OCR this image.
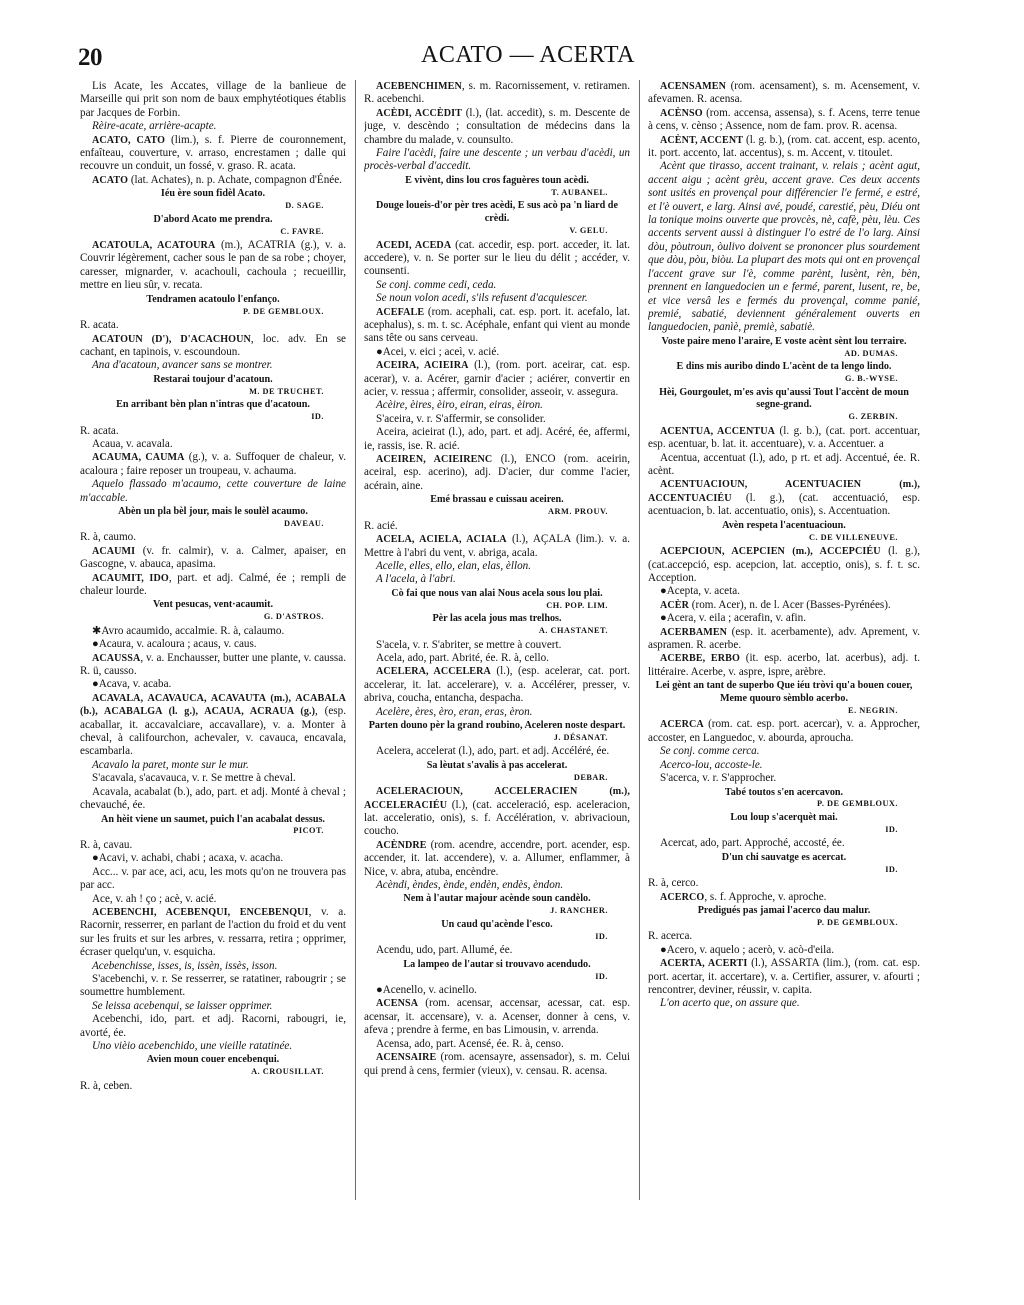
20	ACATO — ACERTA

Lis Acate, les Accates, village de la banlieue de Marseille qui prit son nom de baux emphytéotiques établis par Jacques de Forbin.

Rèire-acate, arrière-acapte.

ACATO, CATO (lim.), s. f. Pierre de couronnement, enfaîteau, couverture, v. arraso, encrestamen ; dalle qui recouvre un conduit, un fossé, v. graso. R. acata.

ACATO (lat. Achates), n. p. Achate, compagnon d'Énée.

Iéu ère soun fidèl Acato.

D. SAGE.

D'abord Acato me prendra.

C. FAVRE.

ACATOULA, ACATOURA (m.), ACATRIA (g.), v. a. Couvrir légèrement, cacher sous le pan de sa robe ; choyer, caresser, mignarder, v. acachouli, cachoula ; recueillir, mettre en lieu sûr, v. recata.

Tendramen acatoulo l'enfanço.

P. DE GEMBLOUX.

R. acata.

ACATOUN (D'), D'ACACHOUN, loc. adv. En se cachant, en tapinois, v. escoundoun.

Ana d'acatoun, avancer sans se montrer.

Restarai toujour d'acatoun.

M. DE TRUCHET.

En arribant bèn plan n'intras que d'acatoun.

ID.

R. acata.

Acaua, v. acavala.

ACAUMA, CAUMA (g.), v. a. Suffoquer de chaleur, v. acaloura ; faire reposer un troupeau, v. achauma.

Aquelo flassado m'acaumo, cette couverture de laine m'accable.

Abèn un pla bèl jour, mais le soulèl acaumo.

DAVEAU.

R. à, caumo.

ACAUMI (v. fr. calmir), v. a. Calmer, apaiser, en Gascogne, v. abauca, apasima.

ACAUMIT, IDO, part. et adj. Calmé, ée ; rempli de chaleur lourde.

Vent pesucas, vent·acaumit.

G. D'ASTROS.

✱Avro acaumido, accalmie. R. à, calaumo.

●Acaura, v. acaloura ; acaus, v. caus.

ACAUSSA, v. a. Enchausser, butter une plante, v. caussa. R. ü, causso.

●Acava, v. acaba.

ACAVALA, ACAVAUCA, ACAVAUTA (m.), ACABALA (b.), ACABALGA (l. g.), ACAUA, ACRAUA (g.), (esp. acaballar, it. accavalciare, accavallare), v. a. Monter à cheval, à califourchon, achevaler, v. cavauca, encavala, escambarla.

Acavalo la paret, monte sur le mur.

S'acavala, s'acavauca, v. r. Se mettre à cheval.

Acavala, acabalat (b.), ado, part. et adj. Monté à cheval ; chevauché, ée.

An hèit viene un saumet, puich l'an acabalat dessus.

PICOT.

R. à, cavau.

●Acavi, v. achabi, chabi ; acaxa, v. acacha.

Acc... v. par ace, aci, acu, les mots qu'on ne trouvera pas par acc.

Ace, v. ah ! ço ; acè, v. acié.

ACEBENCHI, ACEBENQUI, ENCEBENQUI, v. a. Racornir, resserrer, en parlant de l'action du froid et du vent sur les fruits et sur les arbres, v. ressarra, retira ; opprimer, écraser quelqu'un, v. esquicha.

Acebenchisse, isses, is, issèn, issès, isson.

S'acebenchi, v. r. Se resserrer, se ratatiner, rabougrir ; se soumettre humblement.

Se leissa acebenqui, se laisser opprimer.

Acebenchi, ido, part. et adj. Racorni, rabougri, ie, avorté, ée.

Uno vièio acebenchido, une vieille ratatinée.

Avien moun couer encebenqui.

A. CROUSILLAT.

R. à, ceben.

ACEBENCHIMEN, s. m. Racornissement, v. retiramen. R. acebenchi.

ACÈDI, ACCÈDIT (l.), (lat. accedit), s. m. Descente de juge, v. descèndo ; consultation de médecins dans la chambre du malade, v. counsulto.

Faire l'acèdi, faire une descente ; un verbau d'acèdi, un procès-verbal d'accedit.

E vivènt, dins lou cros faguères toun acèdi.

T. AUBANEL.

Douge loueis-d'or pèr tres acèdi, E sus acò pa 'n liard de crèdi.

V. GELU.

ACEDI, ACEDA (cat. accedir, esp. port. acceder, it. lat. accedere), v. n. Se porter sur le lieu du délit ; accéder, v. counsenti.

Se conj. comme cedi, ceda.

Se noun volon acedi, s'ils refusent d'acquiescer.

ACEFALE (rom. acephali, cat. esp. port. it. acefalo, lat. acephalus), s. m. t. sc. Acéphale, enfant qui vient au monde sans tête ou sans cerveau.

●Acei, v. eici ; aceì, v. acié.

ACEIRA, ACIEIRA (l.), (rom. port. aceirar, cat. esp. acerar), v. a. Acérer, garnir d'acier ; aciérer, convertir en acier, v. ressua ; affermir, consolider, asseoir, v. assegura.

Acèire, èires, èiro, eiran, eiras, èiron.

S'aceira, v. r. S'affermir, se consolider.

Aceira, acieirat (l.), ado, part. et adj. Acéré, ée, affermi, ie, rassis, ise. R. acié.

ACEIREN, ACIEIRENC (l.), ENCO (rom. aceirin, aceiral, esp. acerino), adj. D'acier, dur comme l'acier, acérain, aine.

Emé brassau e cuissau aceiren.

ARM. PROUV.

R. acié.

ACELA, ACIELA, ACIALA (l.), AÇALA (lim.). v. a. Mettre à l'abri du vent, v. abriga, acala.

Acelle, elles, ello, elan, elas, èllon.

A l'acela, à l'abri.

Cò fai que nous van alai Nous acela sous lou plai.

CH. POP. LIM.

Pèr las acela jous mas trelhos.

A. CHASTANET.

S'acela, v. r. S'abriter, se mettre à couvert.

Acela, ado, part. Abrité, ée. R. à, cello.

ACELERA, ACCELERA (l.), (esp. acelerar, cat. port. accelerar, it. lat. accelerare), v. a. Accélérer, presser, v. abriva, coucha, entancha, despacha.

Acelère, ères, èro, eran, eras, èron.

Parten douno pèr la grand roubino, Aceleren noste despart.

J. DÉSANAT.

Acelera, accelerat (l.), ado, part. et adj. Accéléré, ée.

Sa lèutat s'avalis à pas accelerat.

DEBAR.

ACELERACIOUN, ACCELERACIEN (m.), ACCELERACIÉU (l.), (cat. acceleració, esp. aceleracion, lat. acceleratio, onis), s. f. Accélération, v. abrivacioun, coucho.

ACÈNDRE (rom. acendre, accendre, port. acender, esp. accender, it. lat. accendere), v. a. Allumer, enflammer, à Nice, v. abra, atuba, encèndre.

Acèndi, èndes, ènde, endèn, endès, èndon.

Nem à l'autar majour acènde soun candèlo.

J. RANCHER.

Un caud qu'acènde l'esco.

ID.

Acendu, udo, part. Allumé, ée.

La lampeo de l'autar si trouvavo acendudo.

ID.

●Acenello, v. acinello.

ACENSA (rom. acensar, accensar, acessar, cat. esp. acensar, it. accensare), v. a. Acenser, donner à cens, v. afeva ; prendre à ferme, en bas Limousin, v. arrenda.

Acensa, ado, part. Acensé, ée. R. à, censo.

ACENSAIRE (rom. acensayre, assensador), s. m. Celui qui prend à cens, fermier (vieux), v. censau. R. acensa.

ACENSAMEN (rom. acensament), s. m. Acensement, v. afevamen. R. acensa.

ACÈNSO (rom. accensa, assensa), s. f. Acens, terre tenue à cens, v. cènso ; Assence, nom de fam. prov. R. acensa.

ACÈNT, ACCENT (l. g. b.), (rom. cat. accent, esp. acento, it. port. accento, lat. accentus), s. m. Accent, v. titoulet.

Acènt que tirasso, accent trainant, v. relais ; acènt agut, accent aigu ; acènt grèu, accent grave. Ces deux accents sont usités en provençal pour différencier l'e fermé, e estré, et l'è ouvert, e larg. Ainsi avé, poudé, carestié, pèu, Diéu ont la tonique moins ouverte que provcès, nè, cafè, pèu, lèu. Ces accents servent aussi à distinguer l'o estré de l'o larg. Ainsi dòu, pòutroun, òulivo doivent se prononcer plus sourdement que dòu, pòu, biòu. La plupart des mots qui ont en provençal l'accent grave sur l'è, comme parènt, lusènt, rèn, bèn, prennent en languedocien un e fermé, parent, lusent, re, be, et vice versâ les e fermés du provençal, comme panié, premié, sabatié, deviennent généralement ouverts en languedocien, panìè, premiè, sabatiè.

Voste paire meno l'araire, E voste acènt sènt lou terraire.

AD. DUMAS.

E dins mis auribo dindo L'acènt de ta lengo lindo.

G. B.-WYSE.

Hèi, Gourgoulet, m'es avis qu'aussi Tout l'accènt de moun segne-grand.

G. ZERBIN.

ACENTUA, ACCENTUA (l. g. b.), (cat. port. accentuar, esp. acentuar, b. lat. it. accentuare), v. a. Accentuer. a

Acentua, accentuat (l.), ado, p rt. et adj. Accentué, ée. R. acènt.

ACENTUACIOUN, ACENTUACIEN (m.), ACCENTUACIÉU (l. g.), (cat. accentuació, esp. acentuacion, b. lat. accentuatio, onis), s. Accentuation.

Avèn respeta l'acentuacioun.

C. DE VILLENEUVE.

ACEPCIOUN, ACEPCIEN (m.), ACCEPCIÉU (l. g.), (cat.accepció, esp. acepcion, lat. acceptio, onis), s. f. t. sc. Acception.

●Acepta, v. aceta.

ACÈR (rom. Acer), n. de l. Acer (Basses-Pyrénées).

●Acera, v. eila ; acerafin, v. afin.

ACERBAMEN (esp. it. acerbamente), adv. Aprement, v. aspramen. R. acerbe.

ACERBE, ERBO (it. esp. acerbo, lat. acerbus), adj. t. littéraire. Acerbe, v. aspre, ispre, arèbre.

Lei gènt an tant de superbo Que iéu tròvi qu'a bouen couer, Meme quouro sèmblo acerbo.

E. NEGRIN.

ACERCA (rom. cat. esp. port. acercar), v. a. Approcher, accoster, en Languedoc, v. abourda, aproucha.

Se conj. comme cerca.

Acerco-lou, accoste-le.

S'acerca, v. r. S'approcher.

Tabé toutos s'en acercavon.

P. DE GEMBLOUX.

Lou loup s'acerquèt mai.

ID.

Acercat, ado, part. Approché, accosté, ée.

D'un chi sauvatge es acercat.

ID.

R. à, cerco.

ACERCO, s. f. Approche, v. aproche.

Predigués pas jamai l'acerco dau malur.

P. DE GEMBLOUX.

R. acerca.

●Acero, v. aquelo ; acerò, v. acò-d'eila.

ACERTA, ACERTI (l.), ASSARTA (lim.), (rom. cat. esp. port. acertar, it. accertare), v. a. Certifier, assurer, v. afourti ; rencontrer, deviner, réussir, v. capita.

L'on acerto que, on assure que.
